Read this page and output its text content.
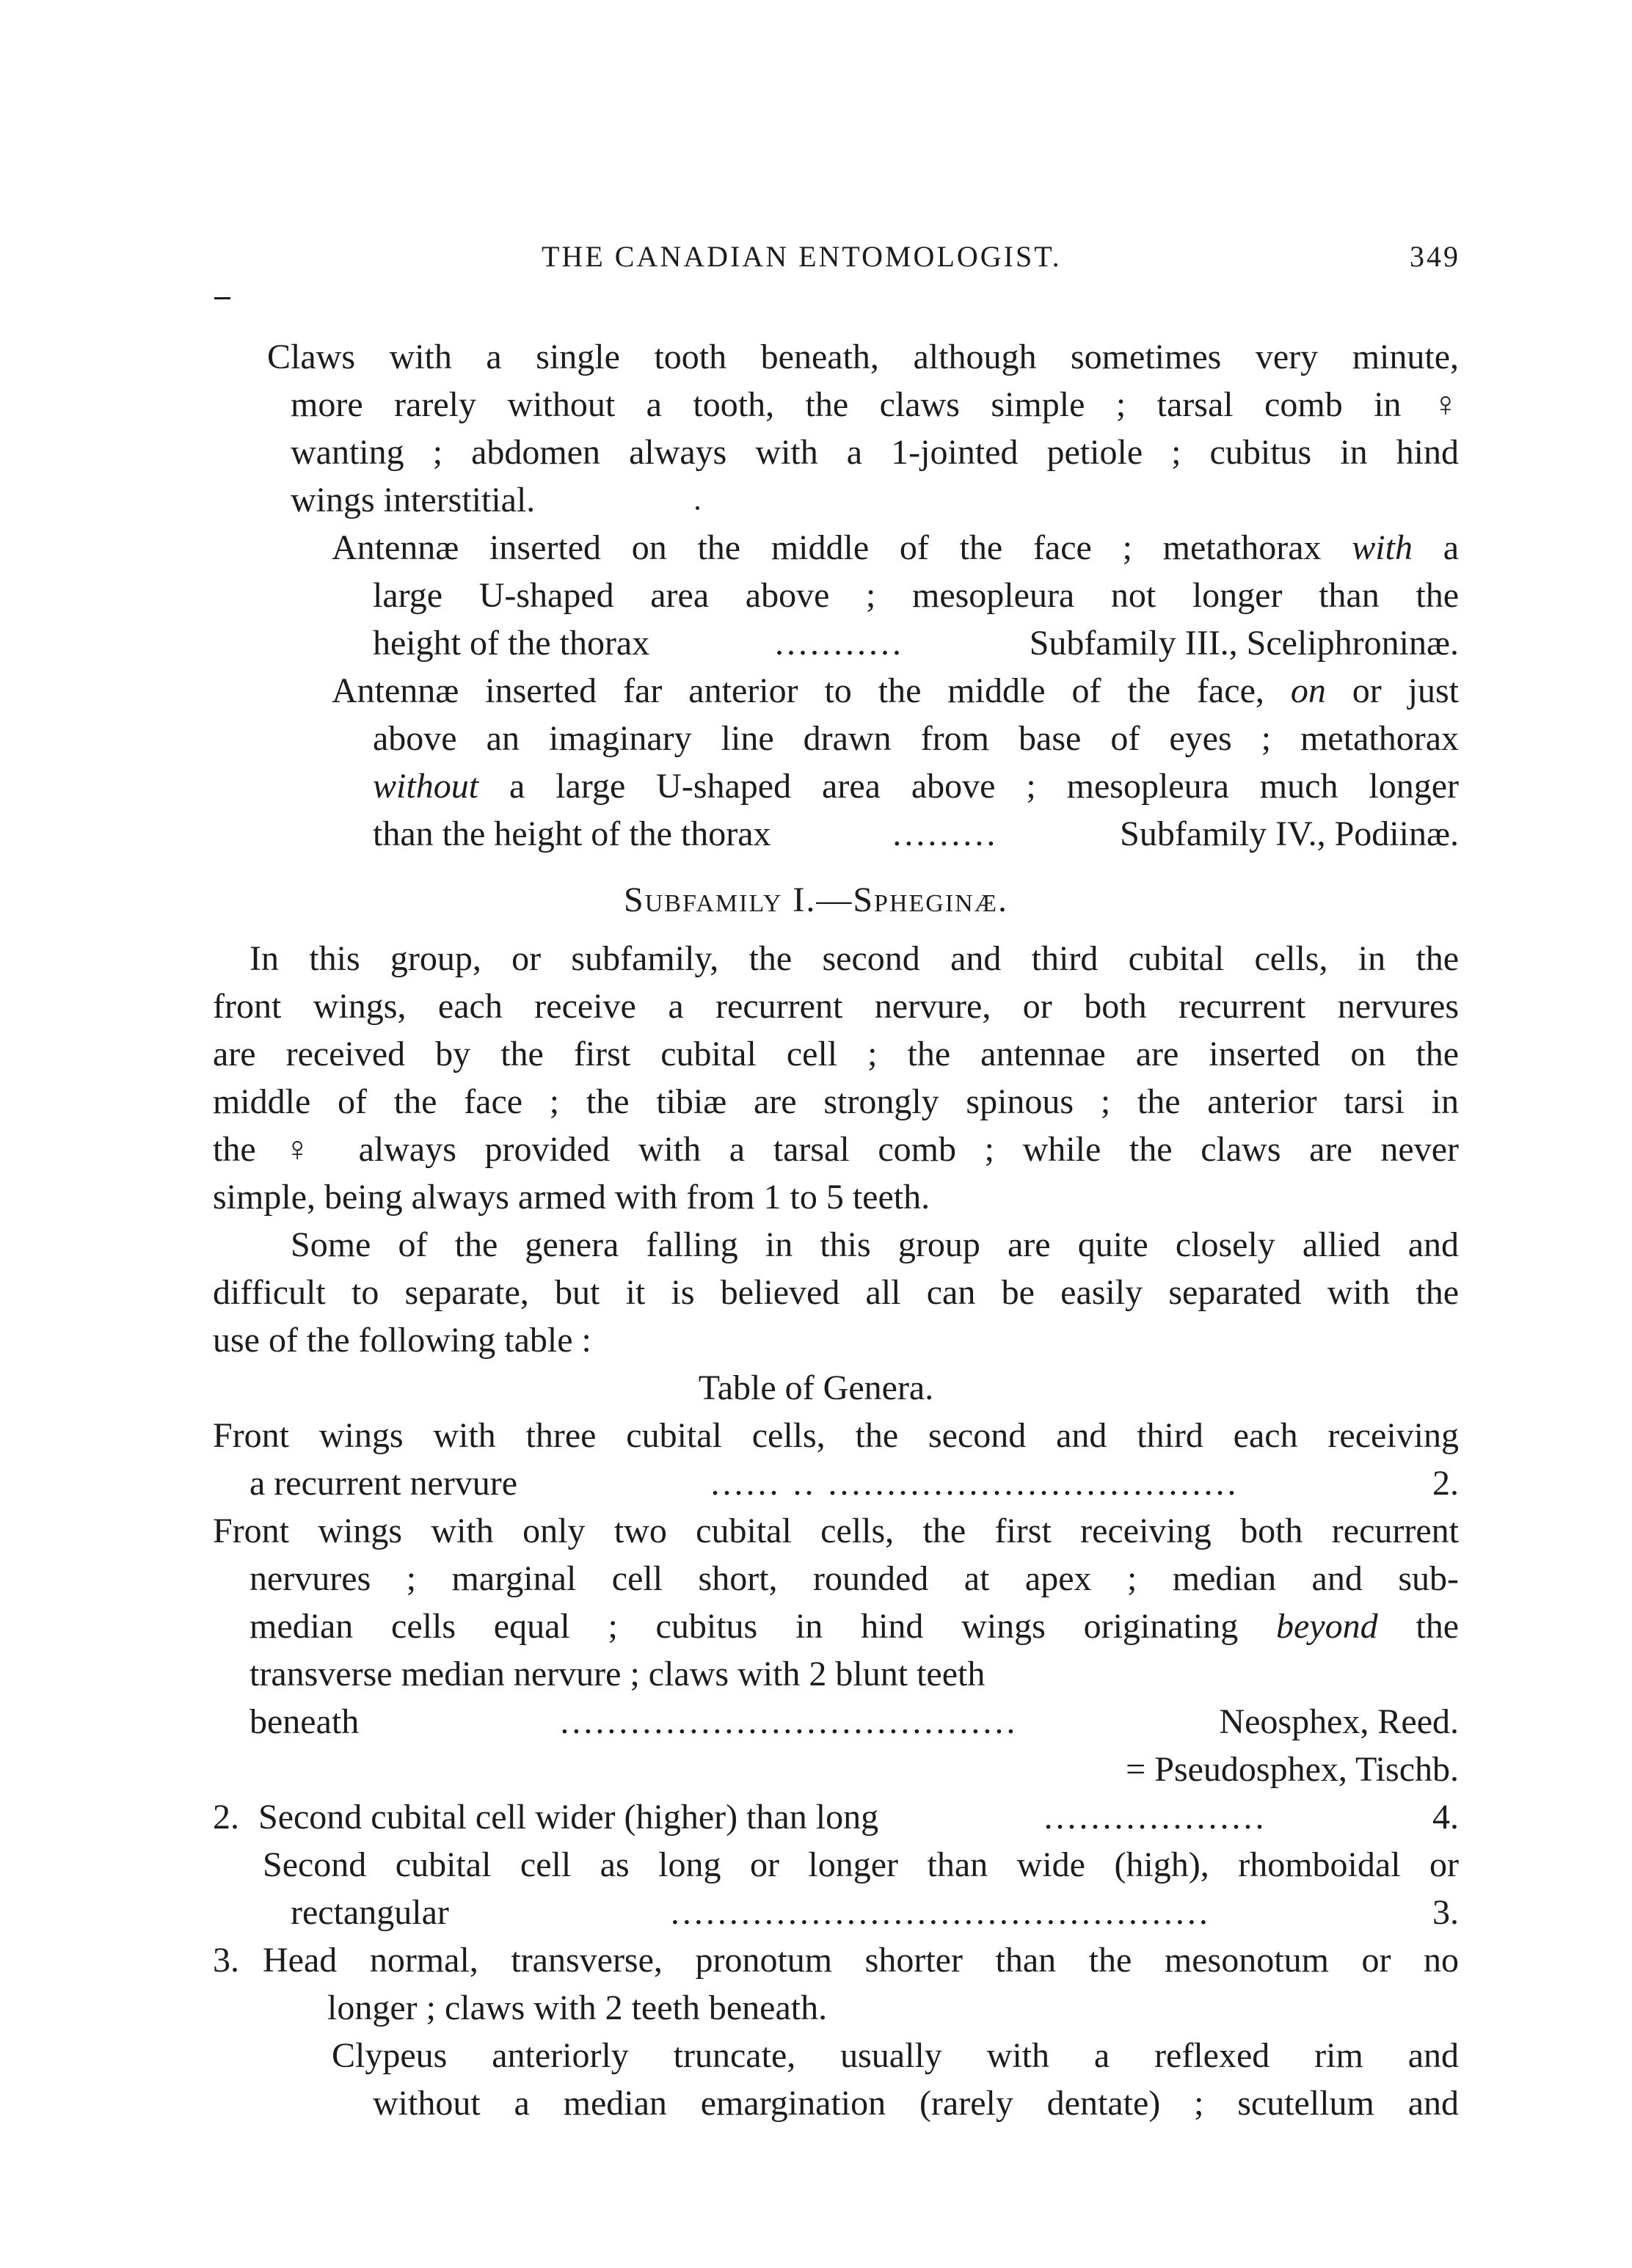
THE CANADIAN ENTOMOLOGIST.	349
Claws with a single tooth beneath, although sometimes very minute,
more rarely without a tooth, the claws simple ; tarsal comb in ♀
wanting ; abdomen always with a 1-jointed petiole ; cubitus in hind
wings interstitial.
Antennæ inserted on the middle of the face ; metathorax with a
large U-shaped area above ; mesopleura not longer than the
height of the thorax	...........	Subfamily III., Sceliphroninæ.
Antennæ inserted far anterior to the middle of the face, on or just
above an imaginary line drawn from base of eyes ; metathorax
without a large U-shaped area above ; mesopleura much longer
than the height of the thorax	.........	Subfamily IV., Podiinæ.
Subfamily I.—Spheginæ.
In this group, or subfamily, the second and third cubital cells, in the
front wings, each receive a recurrent nervure, or both recurrent nervures
are received by the first cubital cell ; the antennae are inserted on the
middle of the face ; the tibiæ are strongly spinous ; the anterior tarsi in
the ♀ always provided with a tarsal comb ; while the claws are never
simple, being always armed with from 1 to 5 teeth.
Some of the genera falling in this group are quite closely allied and
difficult to separate, but it is believed all can be easily separated with the
use of the following table :
Table of Genera.
Front wings with three cubital cells, the second and third each receiving
a recurrent nervure	...... .. ...................................	2.
Front wings with only two cubital cells, the first receiving both recurrent
nervures ; marginal cell short, rounded at apex ; median and sub-
median cells equal ; cubitus in hind wings originating beyond the
transverse median nervure ; claws with 2 blunt teeth
beneath	.......................................	Neosphex, Reed.
= Pseudosphex, Tischb.
2. Second cubital cell wider (higher) than long	...................	4.
Second cubital cell as long or longer than wide (high), rhomboidal or
rectangular	..............................................	3.
3. Head normal, transverse, pronotum shorter than the mesonotum or no
longer ; claws with 2 teeth beneath.
Clypeus anteriorly truncate, usually with a reflexed rim and
without a median emargination (rarely dentate) ; scutellum and
